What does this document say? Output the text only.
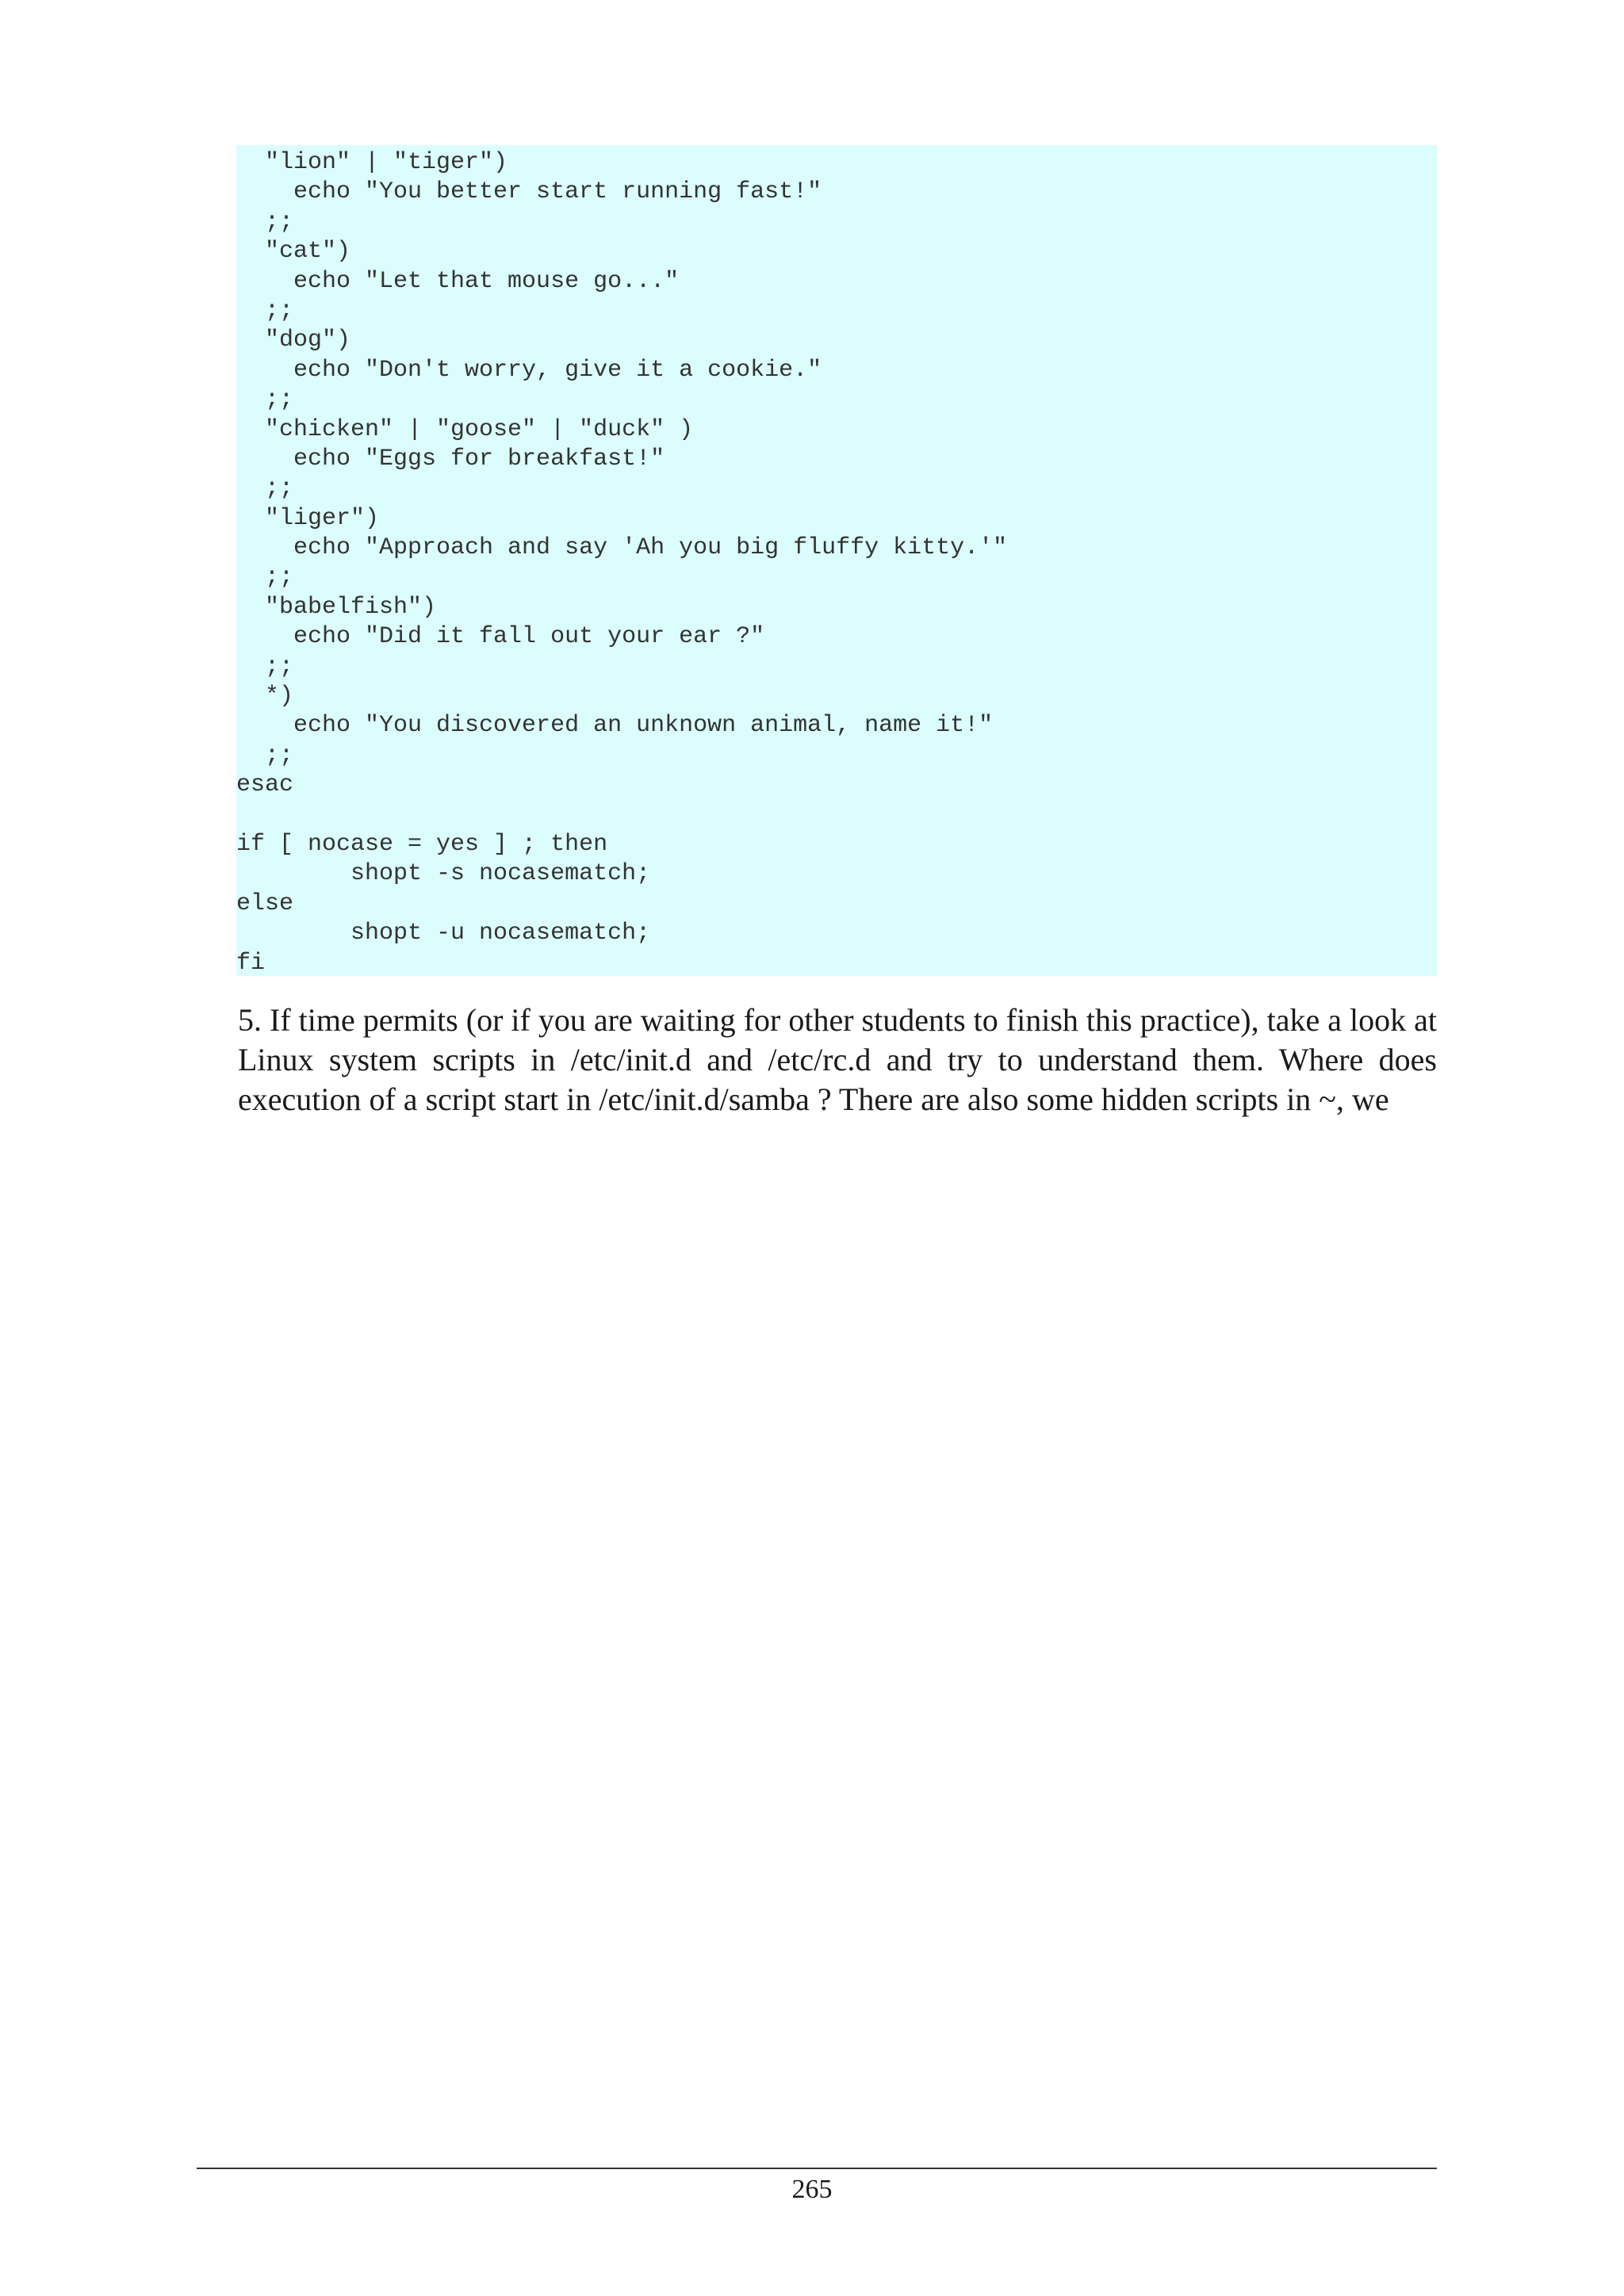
"lion" | "tiger")
echo "You better start running fast!"
;;
"cat")
echo "Let that mouse go..."
;;
"dog")
echo "Don't worry, give it a cookie."
;;
"chicken" | "goose" | "duck" )
echo "Eggs for breakfast!"
;;
"liger")
echo "Approach and say 'Ah you big fluffy kitty.'"
;;
"babelfish")
echo "Did it fall out your ear ?"
;;
*)
echo "You discovered an unknown animal, name it!"
;;
esac
if [ nocase = yes ] ; then
shopt -s nocasematch;
else
shopt -u nocasematch;
fi

5. If time permits (or if you are waiting for other students to finish this practice), take a look at Linux system scripts in /etc/init.d and /etc/rc.d and try to understand them. Where does execution of a script start in /etc/init.d/samba ? There are also some hidden scripts in ~, we

265
